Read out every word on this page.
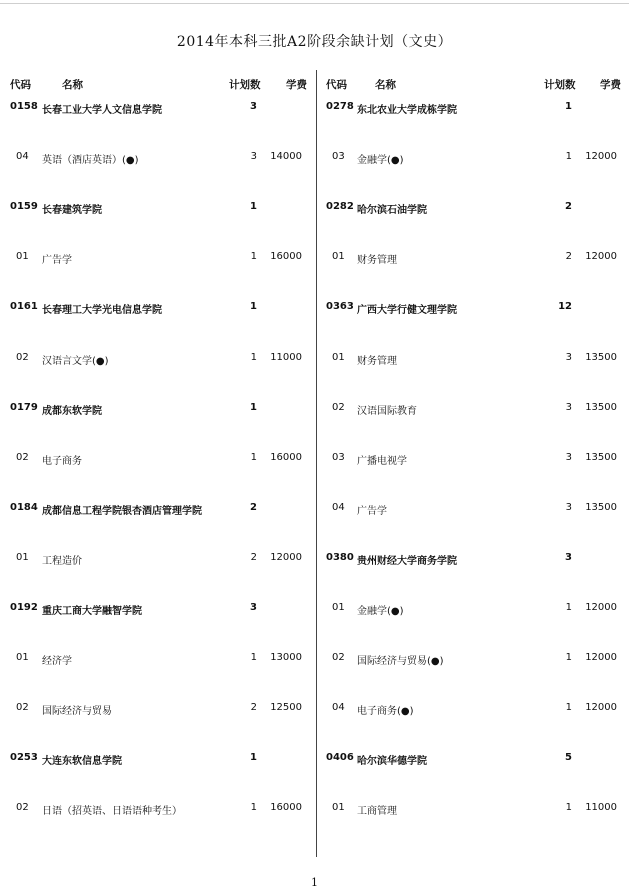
2014年本科三批A2阶段余缺计划（文史）
代码	名称	计划数	学费
0158 长春工业大学人文信息学院	3
04 英语（酒店英语）(●)	3	14000
0159 长春建筑学院	1
01 广告学	1	16000
0161 长春理工大学光电信息学院	1
02 汉语言文学(●)	1	11000
0179 成都东软学院	1
02 电子商务	1	16000
0184 成都信息工程学院银杏酒店管理学院	2
01 工程造价	2	12000
0192 重庆工商大学融智学院	3
01 经济学	1	13000
02 国际经济与贸易	2	12500
0253 大连东软信息学院	1
02 日语（招英语、日语语种考生）	1	16000
代码	名称	计划数	学费
0278 东北农业大学成栋学院	1
03 金融学(●)	1	12000
0282 哈尔滨石油学院	2
01 财务管理	2	12000
0363 广西大学行健文理学院	12
01 财务管理	3	13500
02 汉语国际教育	3	13500
03 广播电视学	3	13500
04 广告学	3	13500
0380 贵州财经大学商务学院	3
01 金融学(●)	1	12000
02 国际经济与贸易(●)	1	12000
04 电子商务(●)	1	12000
0406 哈尔滨华德学院	5
01 工商管理	1	11000
1
